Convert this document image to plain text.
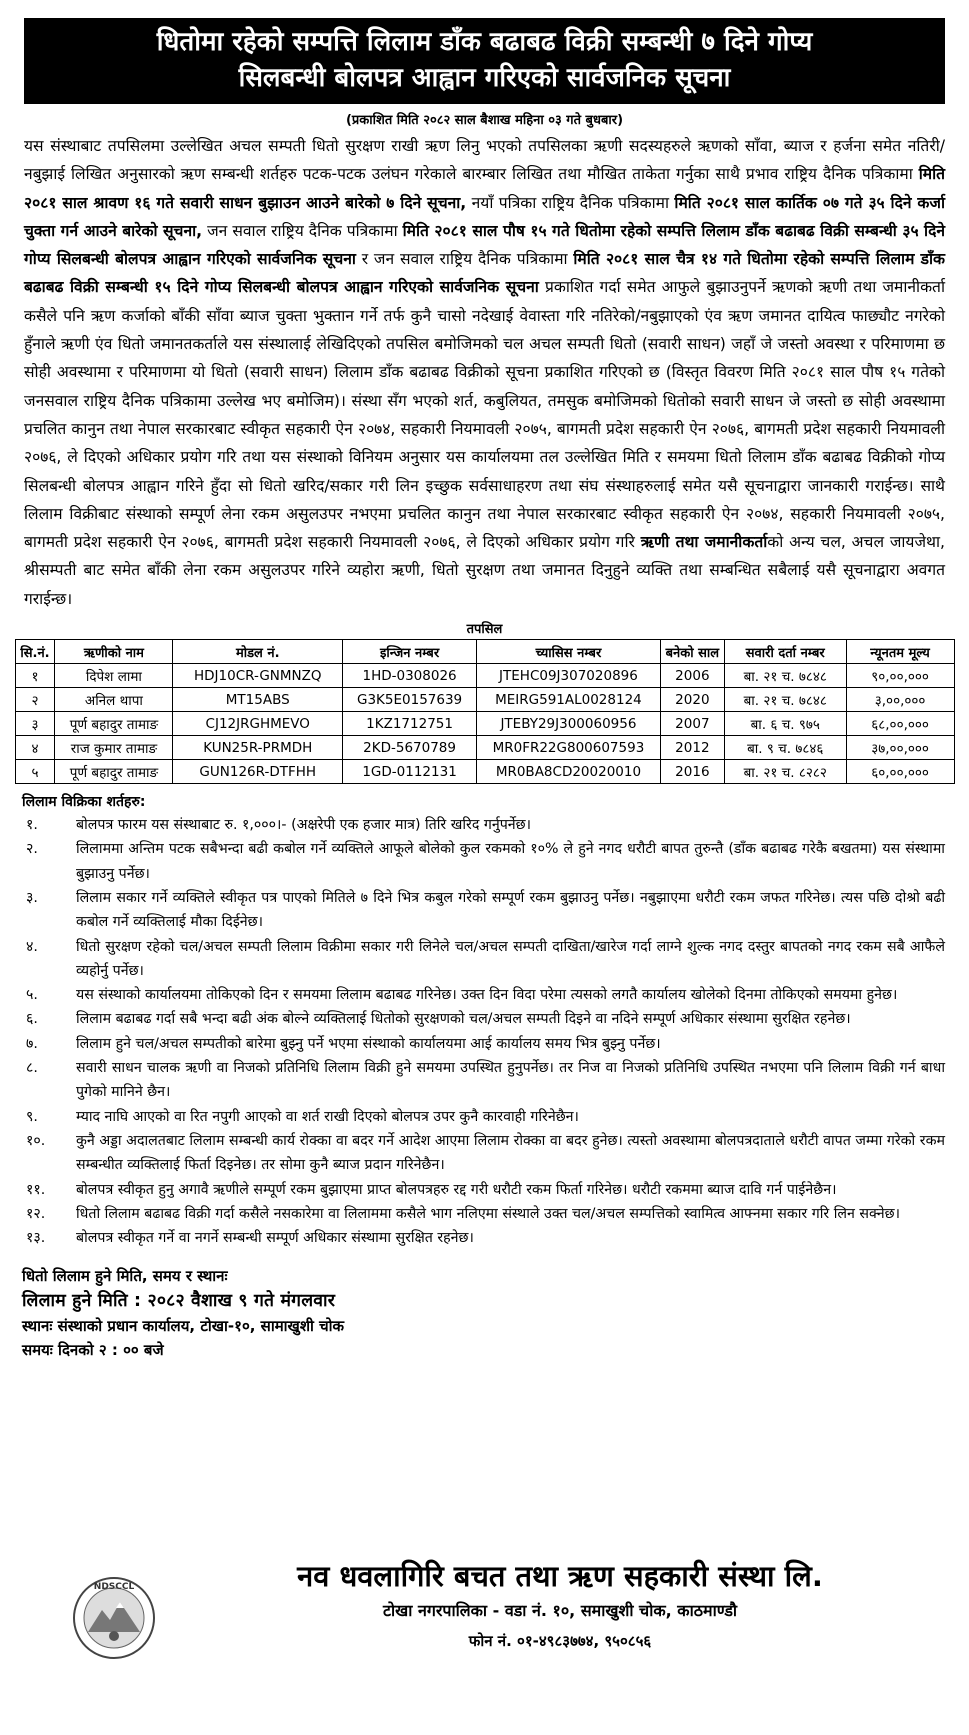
धितोमा रहेको सम्पत्ति लिलाम डाँक बढाबढ विक्री सम्बन्धी ७ दिने गोप्य
सिलबन्धी बोलपत्र आह्वान गरिएको सार्वजनिक सूचना
(प्रकाशित मिति २०८२ साल बैशाख महिना ०३ गते बुधबार)

यस संस्थाबाट तपसिलमा उल्लेखित अचल सम्पती धितो सुरक्षण राखी ऋण लिनु भएको तपसिलका ऋणी सदस्यहरुले ऋणको साँवा, ब्याज र हर्जना समेत नतिरी/नबुझाई लिखित अनुसारको ऋण सम्बन्धी शर्तहरु पटक-पटक उलंघन गरेकाले बारम्बार लिखित तथा मौखित ताकेता गर्नुका साथै प्रभाव राष्ट्रिय दैनिक पत्रिकामा मिति २०८१ साल श्रावण १६ गते सवारी साधन बुझाउन आउने बारेको ७ दिने सूचना, नयाँ पत्रिका राष्ट्रिय दैनिक पत्रिकामा मिति २०८१ साल कार्तिक ०७ गते ३५ दिने कर्जा चुक्ता गर्न आउने बारेको सूचना, जन सवाल राष्ट्रिय दैनिक पत्रिकामा मिति २०८१ साल पौष १५ गते धितोमा रहेको सम्पत्ति लिलाम डाँक बढाबढ विक्री सम्बन्धी ३५ दिने गोप्य सिलबन्धी बोलपत्र आह्वान गरिएको सार्वजनिक सूचना र जन सवाल राष्ट्रिय दैनिक पत्रिकामा मिति २०८१ साल चैत्र १४ गते धितोमा रहेको सम्पत्ति लिलाम डाँक बढाबढ विक्री सम्बन्धी १५ दिने गोप्य सिलबन्धी बोलपत्र आह्वान गरिएको सार्वजनिक सूचना प्रकाशित गर्दा समेत आफुले बुझाउनुपर्ने ऋणको ऋणी तथा जमानीकर्ता कसैले पनि ऋण कर्जाको बाँकी साँवा ब्याज चुक्ता भुक्तान गर्ने तर्फ कुनै चासो नदेखाई वेवास्ता गरि नतिरेको/नबुझाएको एंव ऋण जमानत दायित्व फाछ्यौट नगरेको हुँनाले ऋणी एंव धितो जमानतकर्ताले यस संस्थालाई लेखिदिएको तपसिल बमोजिमको चल अचल सम्पती धितो (सवारी साधन) जहाँ जे जस्तो अवस्था र परिमाणमा छ सोही अवस्थामा र परिमाणमा यो धितो (सवारी साधन) लिलाम डाँक बढाबढ विक्रीको सूचना प्रकाशित गरिएको छ (विस्तृत विवरण मिति २०८१ साल पौष १५ गतेको जनसवाल राष्ट्रिय दैनिक पत्रिकामा उल्लेख भए बमोजिम)। संस्था सँग भएको शर्त, कबुलियत, तमसुक बमोजिमको धितोको सवारी साधन जे जस्तो छ सोही अवस्थामा प्रचलित कानुन तथा नेपाल सरकारबाट स्वीकृत सहकारी ऐन २०७४, सहकारी नियमावली २०७५, बागमती प्रदेश सहकारी ऐन २०७६, बागमती प्रदेश सहकारी नियमावली २०७६, ले दिएको अधिकार प्रयोग गरि तथा यस संस्थाको विनियम अनुसार यस कार्यालयमा तल उल्लेखित मिति र समयमा धितो लिलाम डाँक बढाबढ विक्रीको गोप्य सिलबन्धी बोलपत्र आह्वान गरिने हुँदा सो धितो खरिद/सकार गरी लिन इच्छुक सर्वसाधाहरण तथा संघ संस्थाहरुलाई समेत यसै सूचनाद्वारा जानकारी गराईन्छ। साथै लिलाम विक्रीबाट संस्थाको सम्पूर्ण लेना रकम असुलउपर नभएमा प्रचलित कानुन तथा नेपाल सरकारबाट स्वीकृत सहकारी ऐन २०७४, सहकारी नियमावली २०७५, बागमती प्रदेश सहकारी ऐन २०७६, बागमती प्रदेश सहकारी नियमावली २०७६, ले दिएको अधिकार प्रयोग गरि ऋणी तथा जमानीकर्ताको अन्य चल, अचल जायजेथा, श्रीसम्पती बाट समेत बाँकी लेना रकम असुलउपर गरिने व्यहोरा ऋणी, धितो सुरक्षण तथा जमानत दिनुहुने व्यक्ति तथा सम्बन्धित सबैलाई यसै सूचनाद्वारा अवगत गराईन्छ।

तपसिल
सि.नं.	ऋणीको नाम	मोडल नं.	इन्जिन नम्बर	च्यासिस नम्बर	बनेको साल	सवारी दर्ता नम्बर	न्यूनतम मूल्य
१	दिपेश लामा	HDJ10CR-GNMNZQ	1HD-0308026	JTEHC09J307020896	2006	बा. २१ च. ७८४८	९०,००,०००
२	अनिल थापा	MT15ABS	G3K5E0157639	MEIRG591AL0028124	2020	बा. २१ च. ७८४८	३,००,०००
३	पूर्ण बहादुर तामाङ	CJ12JRGHMEVO	1KZ1712751	JTEBY29J300060956	2007	बा. ६ च. ९७५	६८,००,०००
४	राज कुमार तामाङ	KUN25R-PRMDH	2KD-5670789	MR0FR22G800607593	2012	बा. ९ च. ७८४६	३७,००,०००
५	पूर्ण बहादुर तामाङ	GUN126R-DTFHH	1GD-0112131	MR0BA8CD20020010	2016	बा. २१ च. ८२८२	६०,००,०००
लिलाम विक्रिका शर्तहरु:
१.	बोलपत्र फारम यस संस्थाबाट रु. १,०००।- (अक्षरेपी एक हजार मात्र) तिरि खरिद गर्नुपर्नेछ।
२.	लिलाममा अन्तिम पटक सबैभन्दा बढी कबोल गर्ने व्यक्तिले आफूले बोलेको कुल रकमको १०% ले हुने नगद धरौटी बापत तुरुन्तै (डाँक बढाबढ गरेकै बखतमा) यस संस्थामा बुझाउनु पर्नेछ।
३.	लिलाम सकार गर्ने व्यक्तिले स्वीकृत पत्र पाएको मितिले ७ दिने भित्र कबुल गरेको सम्पूर्ण रकम बुझाउनु पर्नेछ। नबुझाएमा धरौटी रकम जफत गरिनेछ। त्यस पछि दोश्रो बढी कबोल गर्ने व्यक्तिलाई मौका दिईनेछ।
४.	धितो सुरक्षण रहेको चल/अचल सम्पती लिलाम विक्रीमा सकार गरी लिनेले चल/अचल सम्पती दाखिता/खारेज गर्दा लाग्ने शुल्क नगद दस्तुर बापतको नगद रकम सबै आफैले व्यहोर्नु पर्नेछ।
५.	यस संस्थाको कार्यालयमा तोकिएको दिन र समयमा लिलाम बढाबढ गरिनेछ। उक्त दिन विदा परेमा त्यसको लगतै कार्यालय खोलेको दिनमा तोकिएको समयमा हुनेछ।
६.	लिलाम बढाबढ गर्दा सबै भन्दा बढी अंक बोल्ने व्यक्तिलाई धितोको सुरक्षणको चल/अचल सम्पती दिइने वा नदिने सम्पूर्ण अधिकार संस्थामा सुरक्षित रहनेछ।
७.	लिलाम हुने चल/अचल सम्पतीको बारेमा बुझ्नु पर्ने भएमा संस्थाको कार्यालयमा आई कार्यालय समय भित्र बुझ्नु पर्नेछ।
८.	सवारी साधन चालक ऋणी वा निजको प्रतिनिधि लिलाम विक्री हुने समयमा उपस्थित हुनुपर्नेछ। तर निज वा निजको प्रतिनिधि उपस्थित नभएमा पनि लिलाम विक्री गर्न बाधा पुगेको मानिने छैन।
९.	म्याद नाघि आएको वा रित नपुगी आएको वा शर्त राखी दिएको बोलपत्र उपर कुनै कारवाही गरिनेछैन।
१०.	कुनै अड्डा अदालतबाट लिलाम सम्बन्धी कार्य रोक्का वा बदर गर्ने आदेश आएमा लिलाम रोक्का वा बदर हुनेछ। त्यस्तो अवस्थामा बोलपत्रदाताले धरौटी वापत जम्मा गरेको रकम सम्बन्धीत व्यक्तिलाई फिर्ता दिइनेछ। तर सोमा कुनै ब्याज प्रदान गरिनेछैन।
११.	बोलपत्र स्वीकृत हुनु अगावै ऋणीले सम्पूर्ण रकम बुझाएमा प्राप्त बोलपत्रहरु रद्द गरी धरौटी रकम फिर्ता गरिनेछ। धरौटी रकममा ब्याज दावि गर्न पाईनेछैन।
१२.	धितो लिलाम बढाबढ विक्री गर्दा कसैले नसकारेमा वा लिलाममा कसैले भाग नलिएमा संस्थाले उक्त चल/अचल सम्पत्तिको स्वामित्व आफ्नमा सकार गरि लिन सक्नेछ।
१३.	बोलपत्र स्वीकृत गर्ने वा नगर्ने सम्बन्धी सम्पूर्ण अधिकार संस्थामा सुरक्षित रहनेछ।
धितो लिलाम हुने मिति, समय र स्थानः
लिलाम हुने मिति : २०८२ वैशाख ९ गते मंगलवार
स्थानः संस्थाको प्रधान कार्यालय, टोखा-१०, सामाखुशी चोक
समयः दिनको २ : ०० बजे
NDSCCL	नव धवलागिरि बचत तथा ऋण सहकारी संस्था लि.
टोखा नगरपालिका - वडा नं. १०, समाखुशी चोक, काठमाण्डौ
फोन नं. ०१-४९८३७७४, ९५०८५६
